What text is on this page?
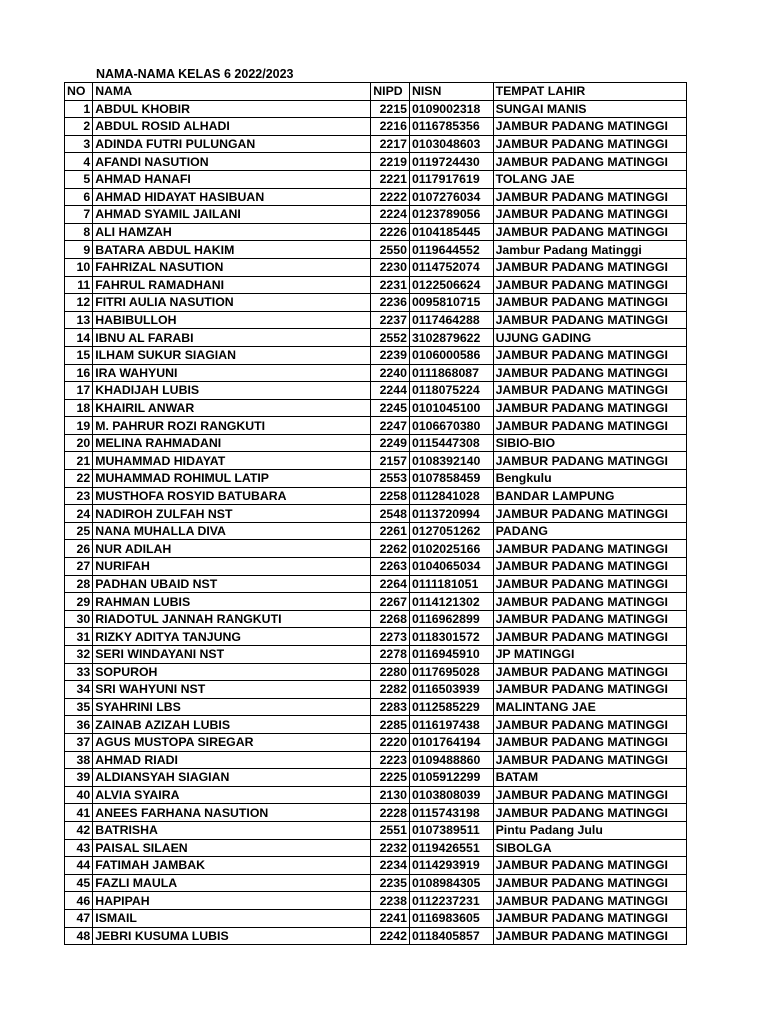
NAMA-NAMA KELAS 6 2022/2023
NO	NAMA	NIPD	NISN	TEMPAT LAHIR
1	ABDUL KHOBIR	2215	0109002318	SUNGAI MANIS
2	ABDUL ROSID ALHADI	2216	0116785356	JAMBUR PADANG MATINGGI
3	ADINDA FUTRI PULUNGAN	2217	0103048603	JAMBUR PADANG MATINGGI
4	AFANDI NASUTION	2219	0119724430	JAMBUR PADANG MATINGGI
5	AHMAD HANAFI	2221	0117917619	TOLANG JAE
6	AHMAD HIDAYAT HASIBUAN	2222	0107276034	JAMBUR PADANG MATINGGI
7	AHMAD SYAMIL JAILANI	2224	0123789056	JAMBUR PADANG MATINGGI
8	ALI HAMZAH	2226	0104185445	JAMBUR PADANG MATINGGI
9	BATARA ABDUL HAKIM	2550	0119644552	Jambur Padang Matinggi
10	FAHRIZAL NASUTION	2230	0114752074	JAMBUR PADANG MATINGGI
11	FAHRUL RAMADHANI	2231	0122506624	JAMBUR PADANG MATINGGI
12	FITRI AULIA NASUTION	2236	0095810715	JAMBUR PADANG MATINGGI
13	HABIBULLOH	2237	0117464288	JAMBUR PADANG MATINGGI
14	IBNU AL FARABI	2552	3102879622	UJUNG GADING
15	ILHAM SUKUR SIAGIAN	2239	0106000586	JAMBUR PADANG MATINGGI
16	IRA WAHYUNI	2240	0111868087	JAMBUR PADANG MATINGGI
17	KHADIJAH LUBIS	2244	0118075224	JAMBUR PADANG MATINGGI
18	KHAIRIL ANWAR	2245	0101045100	JAMBUR PADANG MATINGGI
19	M. PAHRUR ROZI RANGKUTI	2247	0106670380	JAMBUR PADANG MATINGGI
20	MELINA RAHMADANI	2249	0115447308	SIBIO-BIO
21	MUHAMMAD HIDAYAT	2157	0108392140	JAMBUR PADANG MATINGGI
22	MUHAMMAD ROHIMUL LATIP	2553	0107858459	Bengkulu
23	MUSTHOFA ROSYID BATUBARA	2258	0112841028	BANDAR LAMPUNG
24	NADIROH ZULFAH NST	2548	0113720994	JAMBUR PADANG MATINGGI
25	NANA MUHALLA DIVA	2261	0127051262	PADANG
26	NUR ADILAH	2262	0102025166	JAMBUR PADANG MATINGGI
27	NURIFAH	2263	0104065034	JAMBUR PADANG MATINGGI
28	PADHAN UBAID NST	2264	0111181051	JAMBUR PADANG MATINGGI
29	RAHMAN LUBIS	2267	0114121302	JAMBUR PADANG MATINGGI
30	RIADOTUL JANNAH RANGKUTI	2268	0116962899	JAMBUR PADANG MATINGGI
31	RIZKY ADITYA TANJUNG	2273	0118301572	JAMBUR PADANG MATINGGI
32	SERI WINDAYANI NST	2278	0116945910	JP MATINGGI
33	SOPUROH	2280	0117695028	JAMBUR PADANG MATINGGI
34	SRI WAHYUNI NST	2282	0116503939	JAMBUR PADANG MATINGGI
35	SYAHRINI LBS	2283	0112585229	MALINTANG JAE
36	ZAINAB AZIZAH LUBIS	2285	0116197438	JAMBUR PADANG MATINGGI
37	AGUS MUSTOPA SIREGAR	2220	0101764194	JAMBUR PADANG MATINGGI
38	AHMAD RIADI	2223	0109488860	JAMBUR PADANG MATINGGI
39	ALDIANSYAH SIAGIAN	2225	0105912299	BATAM
40	ALVIA SYAIRA	2130	0103808039	JAMBUR PADANG MATINGGI
41	ANEES FARHANA NASUTION	2228	0115743198	JAMBUR PADANG MATINGGI
42	BATRISHA	2551	0107389511	Pintu Padang Julu
43	PAISAL SILAEN	2232	0119426551	SIBOLGA
44	FATIMAH JAMBAK	2234	0114293919	JAMBUR PADANG MATINGGI
45	FAZLI MAULA	2235	0108984305	JAMBUR PADANG MATINGGI
46	HAPIPAH	2238	0112237231	JAMBUR PADANG MATINGGI
47	ISMAIL	2241	0116983605	JAMBUR PADANG MATINGGI
48	JEBRI KUSUMA LUBIS	2242	0118405857	JAMBUR PADANG MATINGGI
